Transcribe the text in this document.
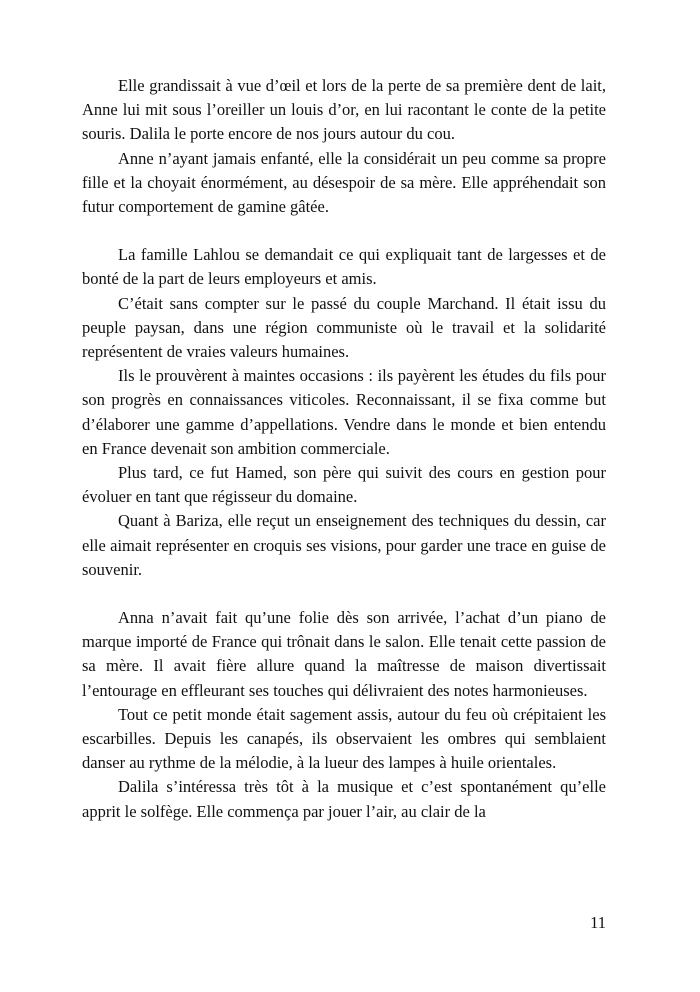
Elle grandissait à vue d’œil et lors de la perte de sa première dent de lait, Anne lui mit sous l’oreiller un louis d’or, en lui racontant le conte de la petite souris. Dalila le porte encore de nos jours autour du cou.

Anne n’ayant jamais enfanté, elle la considérait un peu comme sa propre fille et la choyait énormément, au désespoir de sa mère. Elle appréhendait son futur comportement de gamine gâtée.

La famille Lahlou se demandait ce qui expliquait tant de largesses et de bonté de la part de leurs employeurs et amis.

C’était sans compter sur le passé du couple Marchand. Il était issu du peuple paysan, dans une région communiste où le travail et la solidarité représentent de vraies valeurs humaines.

Ils le prouvèrent à maintes occasions : ils payèrent les études du fils pour son progrès en connaissances viticoles. Reconnaissant, il se fixa comme but d’élaborer une gamme d’appellations. Vendre dans le monde et bien entendu en France devenait son ambition commerciale.

Plus tard, ce fut Hamed, son père qui suivit des cours en gestion pour évoluer en tant que régisseur du domaine.

Quant à Bariza, elle reçut un enseignement des techniques du dessin, car elle aimait représenter en croquis ses visions, pour garder une trace en guise de souvenir.

Anna n’avait fait qu’une folie dès son arrivée, l’achat d’un piano de marque importé de France qui trônait dans le salon. Elle tenait cette passion de sa mère. Il avait fière allure quand la maîtresse de maison divertissait l’entourage en effleurant ses touches qui délivraient des notes harmonieuses.

Tout ce petit monde était sagement assis, autour du feu où crépitaient les escarbilles. Depuis les canapés, ils observaient les ombres qui semblaient danser au rythme de la mélodie, à la lueur des lampes à huile orientales.

Dalila s’intéressa très tôt à la musique et c’est spontanément qu’elle apprit le solfège. Elle commença par jouer l’air, au clair de la

11
